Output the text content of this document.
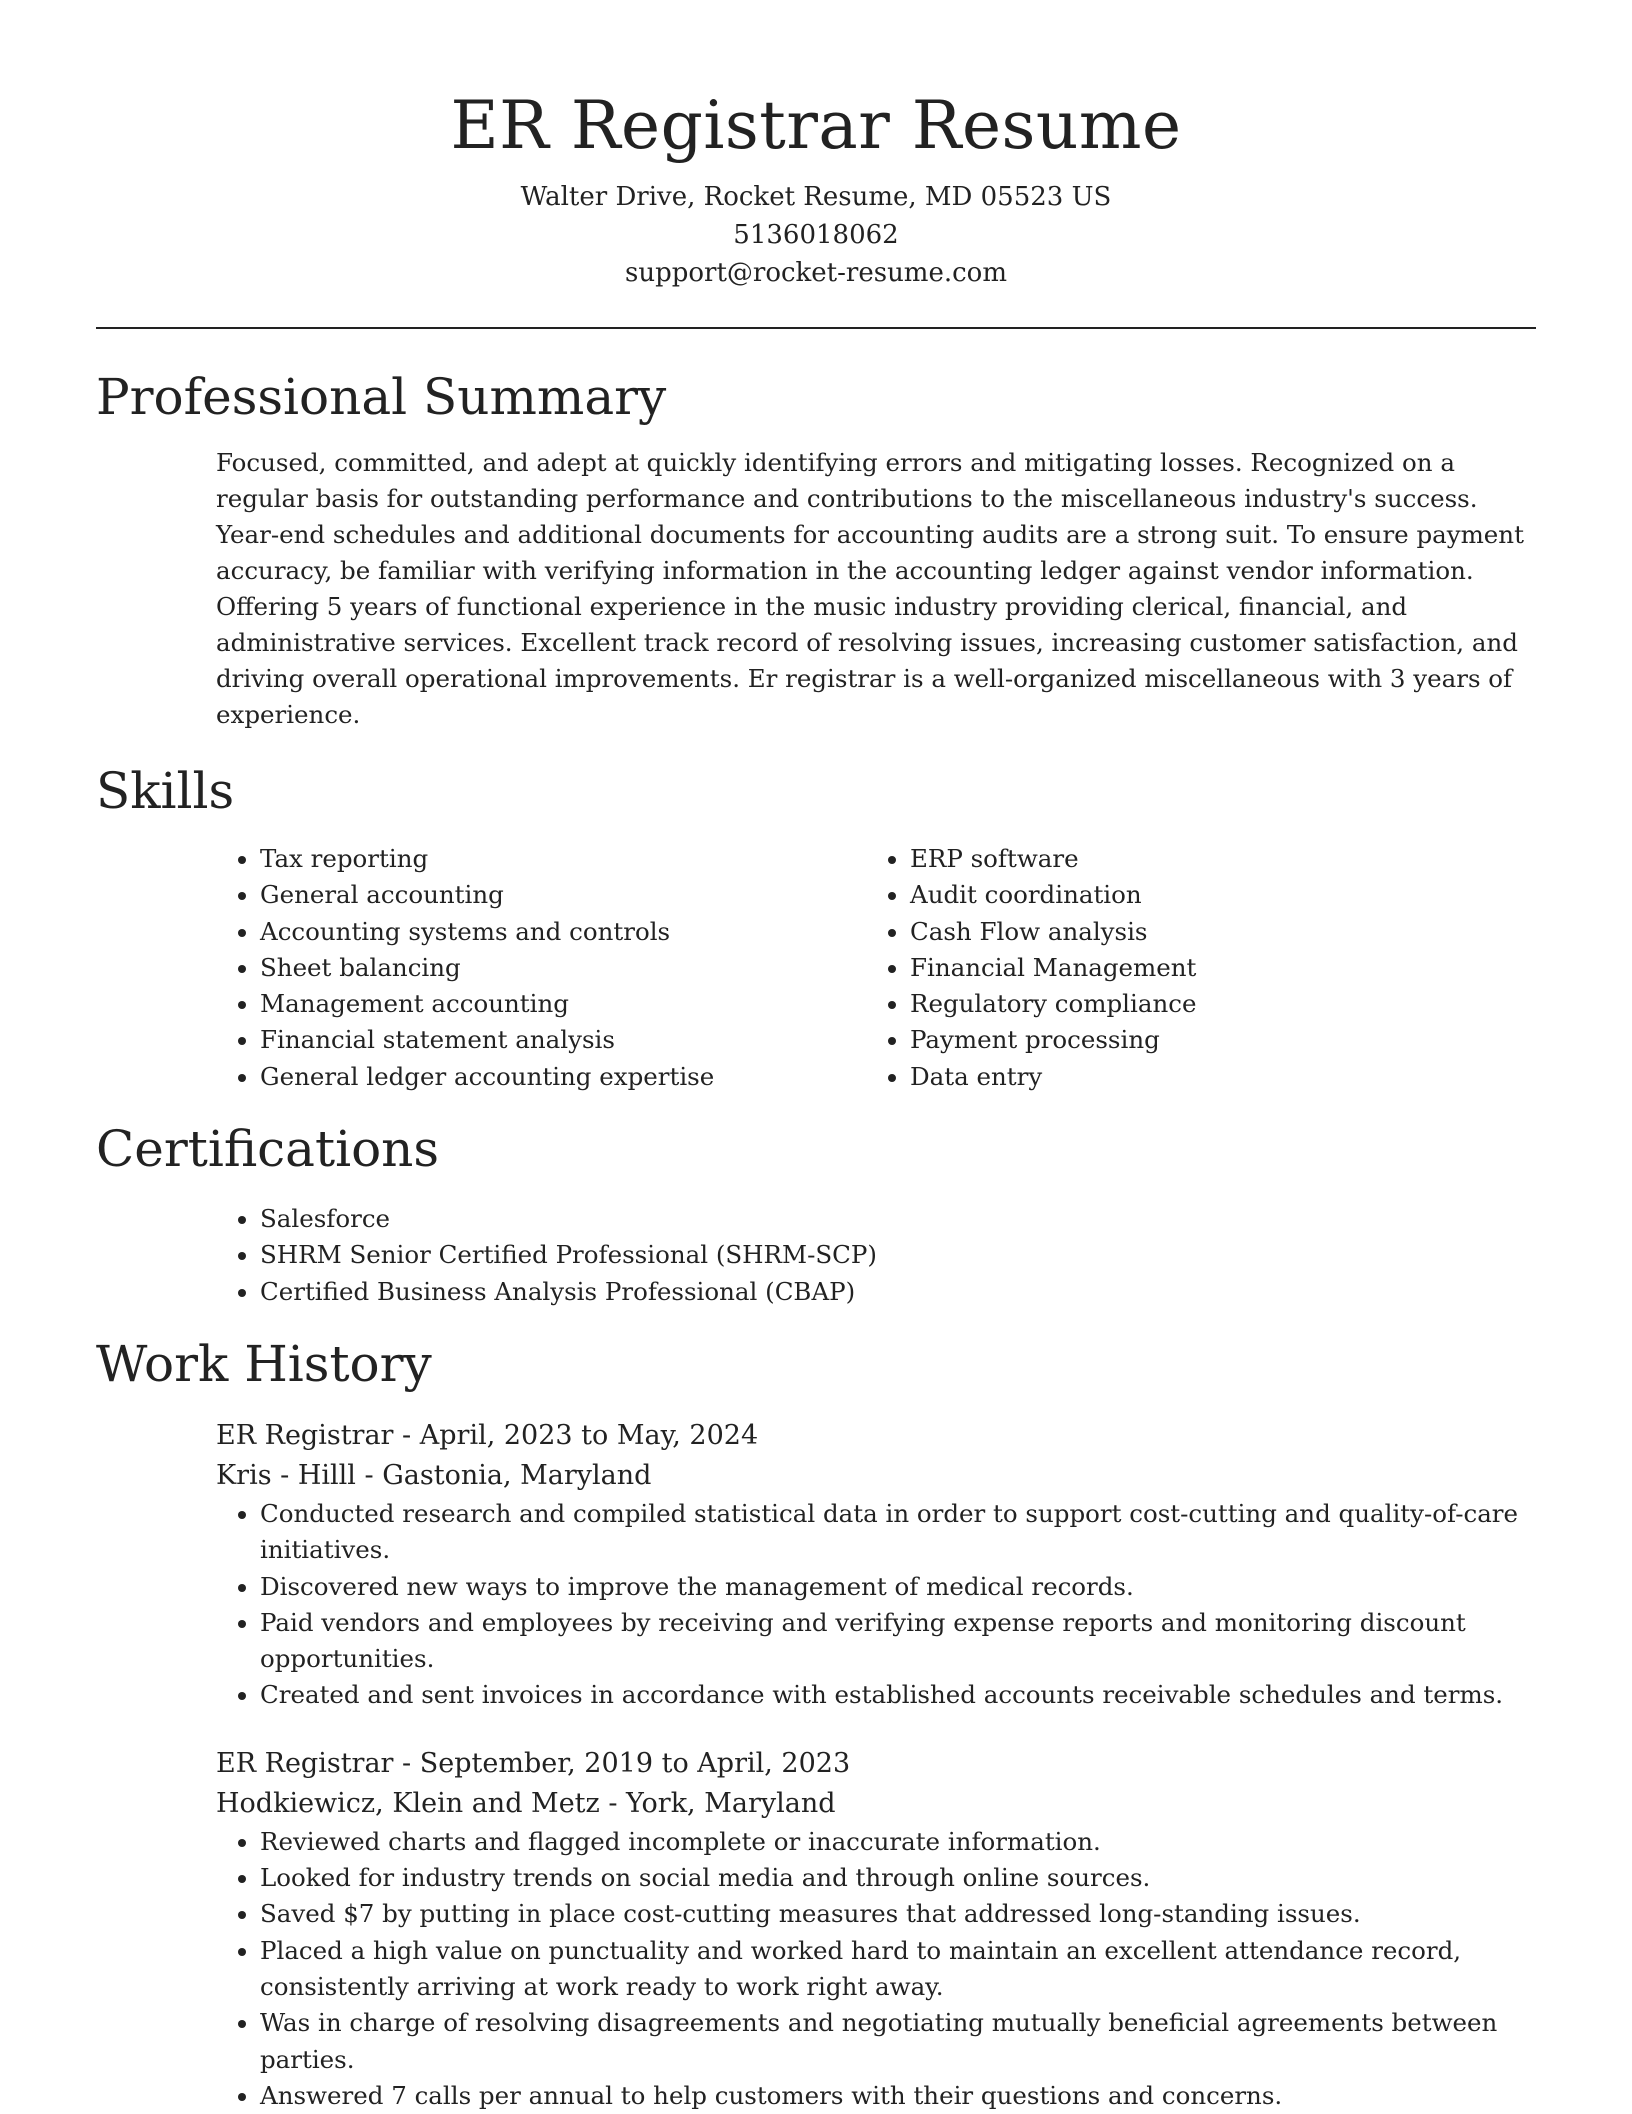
ER Registrar Resume
Walter Drive, Rocket Resume, MD 05523 US
5136018062
support@rocket-resume.com
Professional Summary

Focused, committed, and adept at quickly identifying errors and mitigating losses. Recognized on a regular basis for outstanding performance and contributions to the miscellaneous industry's success. Year-end schedules and additional documents for accounting audits are a strong suit. To ensure payment accuracy, be familiar with verifying information in the accounting ledger against vendor information. Offering 5 years of functional experience in the music industry providing clerical, financial, and administrative services. Excellent track record of resolving issues, increasing customer satisfaction, and driving overall operational improvements. Er registrar is a well-organized miscellaneous with 3 years of experience.

Skills
• Tax reporting
• General accounting
• Accounting systems and controls
• Sheet balancing
• Management accounting
• Financial statement analysis
• General ledger accounting expertise
• ERP software
• Audit coordination
• Cash Flow analysis
• Financial Management
• Regulatory compliance
• Payment processing
• Data entry
Certifications
• Salesforce
• SHRM Senior Certified Professional (SHRM-SCP)
• Certified Business Analysis Professional (CBAP)
Work History
ER Registrar - April, 2023 to May, 2024
Kris - Hilll - Gastonia, Maryland
• Conducted research and compiled statistical data in order to support cost-cutting and quality-of-care initiatives.
• Discovered new ways to improve the management of medical records.
• Paid vendors and employees by receiving and verifying expense reports and monitoring discount opportunities.
• Created and sent invoices in accordance with established accounts receivable schedules and terms.
ER Registrar - September, 2019 to April, 2023
Hodkiewicz, Klein and Metz - York, Maryland
• Reviewed charts and flagged incomplete or inaccurate information.
• Looked for industry trends on social media and through online sources.
• Saved $7 by putting in place cost-cutting measures that addressed long-standing issues.
• Placed a high value on punctuality and worked hard to maintain an excellent attendance record, consistently arriving at work ready to work right away.
• Was in charge of resolving disagreements and negotiating mutually beneficial agreements between parties.
• Answered 7 calls per annual to help customers with their questions and concerns.
